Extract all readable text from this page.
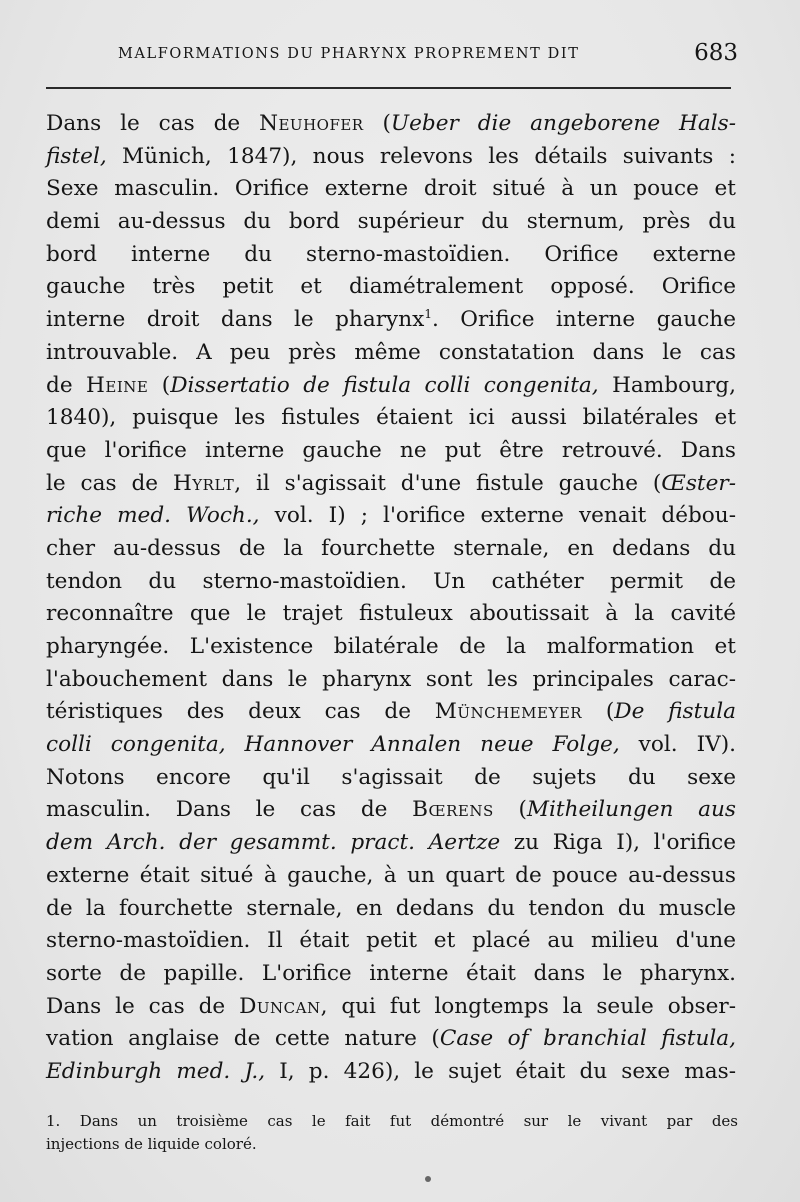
MALFORMATIONS DU PHARYNX PROPREMENT DIT	683
Dans le cas de Neuhofer (Ueber die angeborene Hals-
fistel, Münich, 1847), nous relevons les détails suivants :
Sexe masculin. Orifice externe droit situé à un pouce et
demi au-dessus du bord supérieur du sternum, près du
bord interne du sterno-mastoïdien. Orifice externe
gauche très petit et diamétralement opposé. Orifice
interne droit dans le pharynx$^1$. Orifice interne gauche
introuvable. A peu près même constatation dans le cas
de Heine (Dissertatio de fistula colli congenita, Hambourg,
1840), puisque les fistules étaient ici aussi bilatérales et
que l'orifice interne gauche ne put être retrouvé. Dans
le cas de Hyrlt, il s'agissait d'une fistule gauche (Œster-
riche med. Woch., vol. I) ; l'orifice externe venait débou-
cher au-dessus de la fourchette sternale, en dedans du
tendon du sterno-mastoïdien. Un cathéter permit de
reconnaître que le trajet fistuleux aboutissait à la cavité
pharyngée. L'existence bilatérale de la malformation et
l'abouchement dans le pharynx sont les principales carac-
téristiques des deux cas de Münchemeyer (De fistula
colli congenita, Hannover Annalen neue Folge, vol. IV).
Notons encore qu'il s'agissait de sujets du sexe
masculin. Dans le cas de Bœrens (Mitheilungen aus
dem Arch. der gesammt. pract. Aertze zu Riga I), l'orifice
externe était situé à gauche, à un quart de pouce au-dessus
de la fourchette sternale, en dedans du tendon du muscle
sterno-mastoïdien. Il était petit et placé au milieu d'une
sorte de papille. L'orifice interne était dans le pharynx.
Dans le cas de Duncan, qui fut longtemps la seule obser-
vation anglaise de cette nature (Case of branchial fistula,
Edinburgh med. J., I, p. 426), le sujet était du sexe mas-
1. Dans un troisième cas le fait fut démontré sur le vivant par des
injections de liquide coloré.
